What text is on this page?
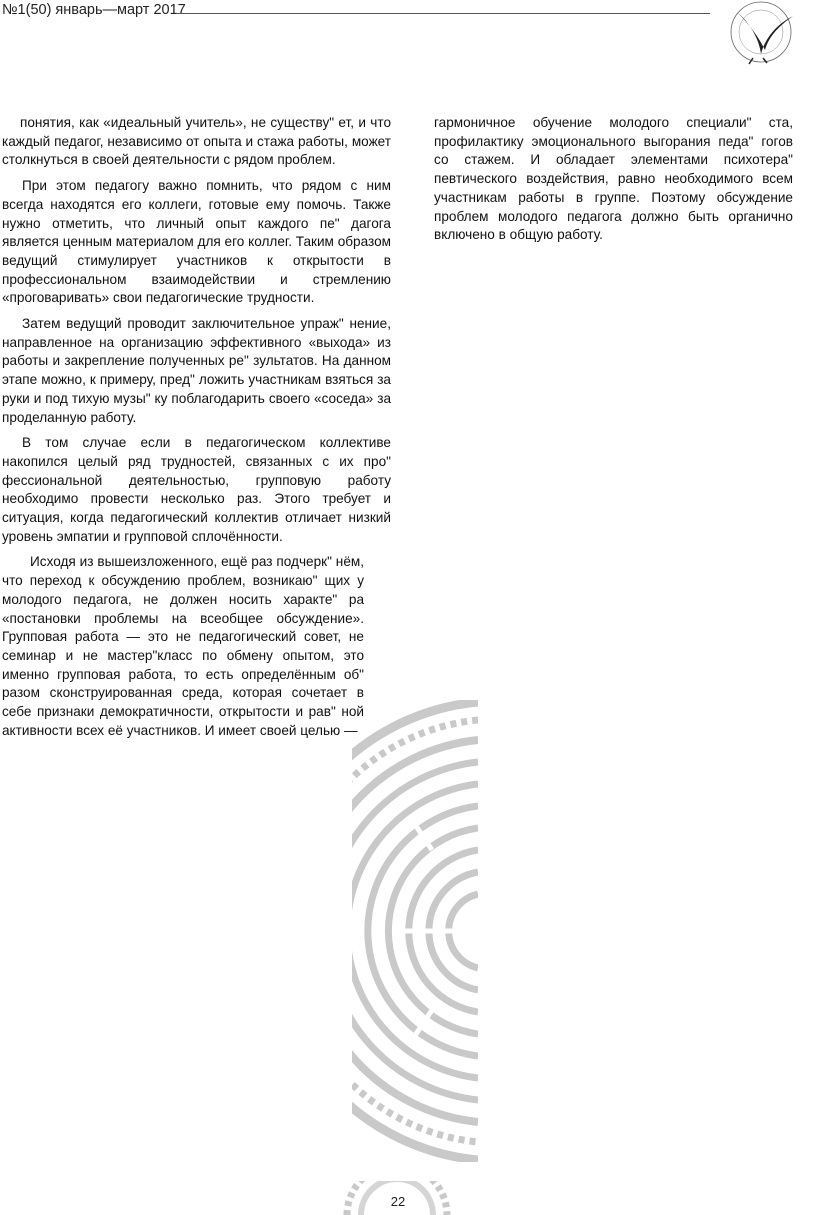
№1(50) январь—март 2017

понятия, как «идеальный учитель», не существу" ет, и что каждый педагог, независимо от опыта и стажа работы, может столкнуться в своей деятельности с рядом проблем.

При этом педагогу важно помнить, что рядом с ним всегда находятся его коллеги, готовые ему помочь. Также нужно отметить, что личный опыт каждого пе" дагога является ценным материалом для его коллег. Таким образом ведущий стимулирует участников к открытости в профессиональном взаимодействии и стремлению «проговаривать» свои педагогические трудности.

Затем ведущий проводит заключительное упраж" нение, направленное на организацию эффективного «выхода» из работы и закрепление полученных ре" зультатов. На данном этапе можно, к примеру, пред" ложить участникам взяться за руки и под тихую музы" ку поблагодарить своего «соседа» за проделанную работу.

В том случае если в педагогическом коллективе накопился целый ряд трудностей, связанных с их про" фессиональной деятельностью, групповую работу необходимо провести несколько раз. Этого требует и ситуация, когда педагогический коллектив отличает низкий уровень эмпатии и групповой сплочённости.

Исходя из вышеизложенного, ещё раз подчерк" нём, что переход к обсуждению проблем, возникаю" щих у молодого педагога, не должен носить характе" ра «постановки проблемы на всеобщее обсуждение». Групповая работа — это не педагогический совет, не семинар и не мастер"класс по обмену опытом, это именно групповая работа, то есть определённым об" разом сконструированная среда, которая сочетает в себе признаки демократичности, открытости и рав" ной активности всех её участников. И имеет своей целью —

гармоничное обучение молодого специали" ста, профилактику эмоционального выгорания педа" гогов со стажем. И обладает элементами психотера" певтического воздействия, равно необходимого всем участникам работы в группе. Поэтому обсуждение проблем молодого педагога должно быть органично включено в общую работу.

22
